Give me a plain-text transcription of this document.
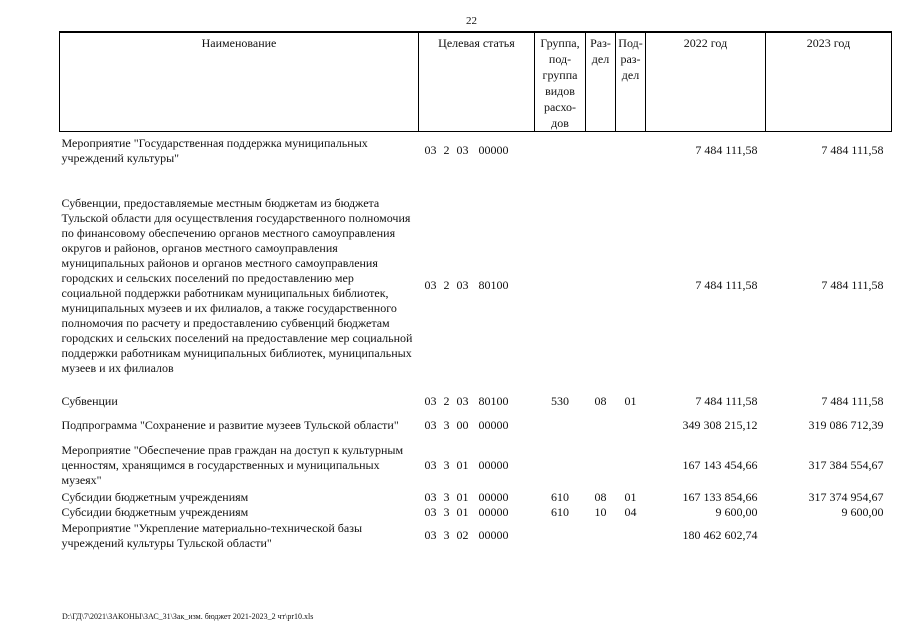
22
Наименование	Целевая статья	Группа, под- группа видов расхо- дов	Раз- дел	Под- раз- дел	2022 год	2023 год
Мероприятие "Государственная поддержка муниципальных учреждений культуры"	03 2 03 00000				7 484 111,58	7 484 111,58

Субвенции, предоставляемые местным бюджетам из бюджета Тульской области для осуществления государственного полномочия по финансовому обеспечению органов местного самоуправления округов и районов, органов местного самоуправления муниципальных районов и органов местного самоуправления городских и сельских поселений по предоставлению мер социальной поддержки работникам муниципальных библиотек, муниципальных музеев и их филиалов, а также государственного полномочия по расчету и предоставлению субвенций бюджетам городских и сельских поселений на предоставление мер социальной поддержки работникам муниципальных библиотек, муниципальных музеев и их филиалов	03 2 03 80100				7 484 111,58	7 484 111,58
Субвенции	03 2 03 80100	530	08	01	7 484 111,58	7 484 111,58
Подпрограмма "Сохранение и развитие музеев Тульской области"	03 3 00 00000				349 308 215,12	319 086 712,39
Мероприятие "Обеспечение прав граждан на доступ к культурным ценностям, хранящимся в государственных и муниципальных музеях"	03 3 01 00000				167 143 454,66	317 384 554,67
Субсидии бюджетным учреждениям	03 3 01 00000	610	08	01	167 133 854,66	317 374 954,67
Субсидии бюджетным учреждениям	03 3 01 00000	610	10	04	9 600,00	9 600,00
Мероприятие "Укрепление материально-технической базы учреждений культуры Тульской области"	03 3 02 00000				180 462 602,74	
D:\ГД\7\2021\ЗАКОНЫ\ЗАС_31\Зак_изм. бюджет 2021-2023_2 чт\pr10.xls
